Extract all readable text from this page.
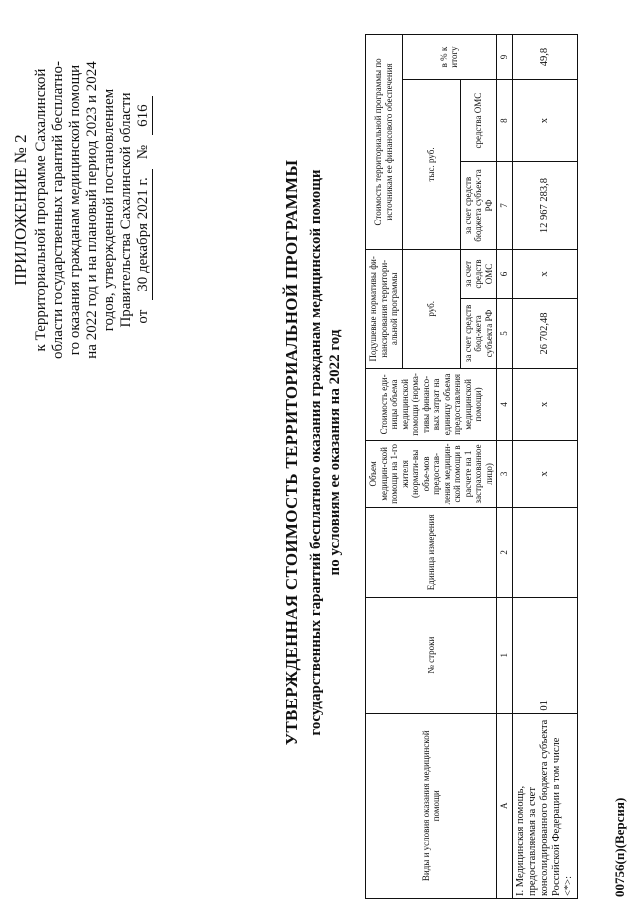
ПРИЛОЖЕНИЕ № 2 к Территориальной программе Сахалинской области государственных гарантий бесплатно- го оказания гражданам медицинской помощи на 2022 год и на плановый период 2023 и 2024 годов, утвержденной постановлением Правительства Сахалинской области от
30 декабря 2021 г.
№
616
УТВЕРЖДЕННАЯ СТОИМОСТЬ ТЕРРИТОРИАЛЬНОЙ ПРОГРАММЫ государственных гарантий бесплатного оказания гражданам медицинской помощи по условиям ее оказания на 2022 год
Виды и условия оказания медицинской помощи	№ строки	Единица измерения	Объем медицин-ской помощи на 1-го жителя (нормати-вы объе-мов предостав-ления медицин-ской помощи в расчете на 1 застрахованное лицо)	Стоимость еди-ницы объема медицинской помощи (норма-тивы финансо-вых затрат на единицу объема предоставления медицинской помощи)	Подушевые нормативы фи-нансирования территори-альной программы		Стоимость территориальной программы по источникам ее финансового обеспечения		
					руб.		тыс. руб.		в % к итогу
					за счет средств бюд-жета субъекта РФ	за счет средств ОМС	за счет средств бюджета субъек-та РФ	средства ОМС	
А	1	2	3	4	5	6	7	8	9
I. Медицинская помощь, предоставляемая за счет консолидированного бюджета субъекта Российской Федерации в том числе <*>:	01		х	х	26 702,48	х	12 967 283,8	х	49,8
00756(п)(Версия)
